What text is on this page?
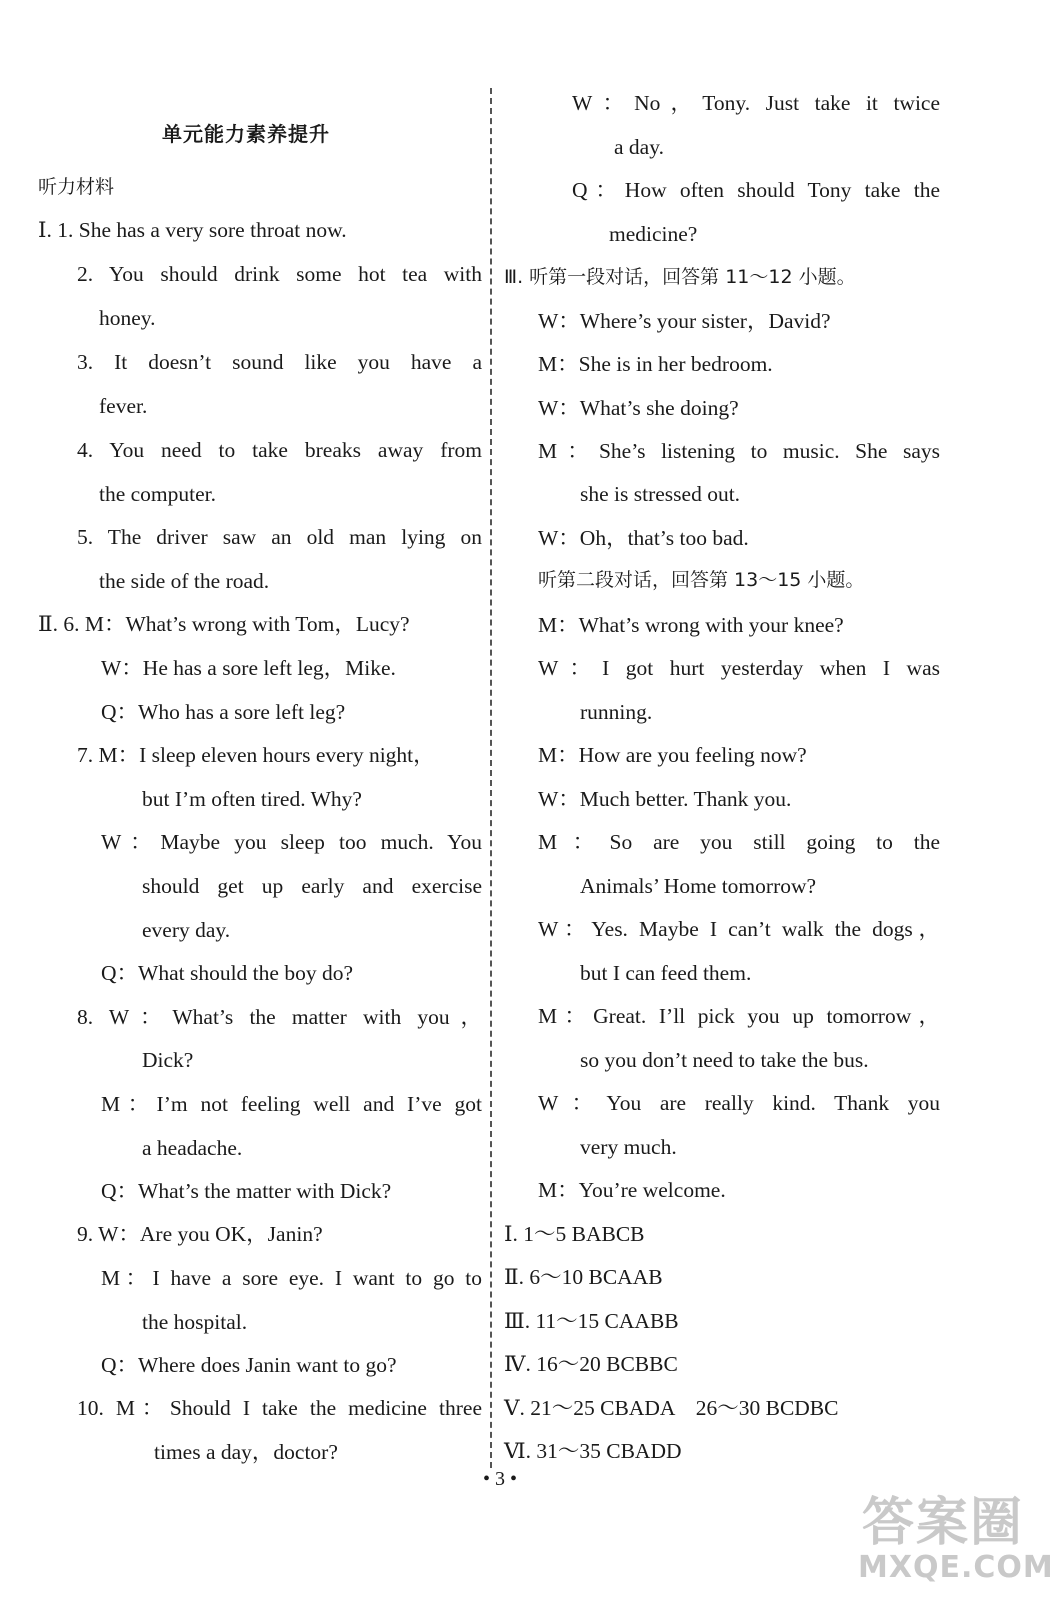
单元能力素养提升
听力材料
Ⅰ. 1. She has a very sore throat now.
2. You should drink some hot tea with
honey.
3. It doesn’t sound like you have a
fever.
4. You need to take breaks away from
the computer.
5. The driver saw an old man lying on
the side of the road.
Ⅱ. 6. M：What’s wrong with Tom，Lucy?
W：He has a sore left leg，Mike.
Q：Who has a sore left leg?
7. M：I sleep eleven hours every night，
but I’m often tired. Why?
W：Maybe you sleep too much. You
should get up early and exercise
every day.
Q：What should the boy do?
8. W：What’s the matter with you，
Dick?
M：I’m not feeling well and I’ve got
a headache.
Q：What’s the matter with Dick?
9. W：Are you OK，Janin?
M：I have a sore eye. I want to go to
the hospital.
Q：Where does Janin want to go?
10. M：Should I take the medicine three
times a day，doctor?
W：No，Tony. Just take it twice
a day.
Q：How often should Tony take the
medicine?
Ⅲ. 听第一段对话，回答第 11～12 小题。
W：Where’s your sister，David?
M：She is in her bedroom.
W：What’s she doing?
M：She’s listening to music. She says
she is stressed out.
W：Oh，that’s too bad.
听第二段对话，回答第 13～15 小题。
M：What’s wrong with your knee?
W：I got hurt yesterday when I was
running.
M：How are you feeling now?
W：Much better. Thank you.
M：So are you still going to the
Animals’ Home tomorrow?
W：Yes. Maybe I can’t walk the dogs，
but I can feed them.
M：Great. I’ll pick you up tomorrow，
so you don’t need to take the bus.
W：You are really kind. Thank you
very much.
M：You’re welcome.
Ⅰ. 1～5 BABCB
Ⅱ. 6～10 BCAAB
Ⅲ. 11～15 CAABB
Ⅳ. 16～20 BCBBC
Ⅴ. 21～25 CBADA　26～30 BCDBC
Ⅵ. 31～35 CBADD
• 3 •
答案圈
MXQE.COM
